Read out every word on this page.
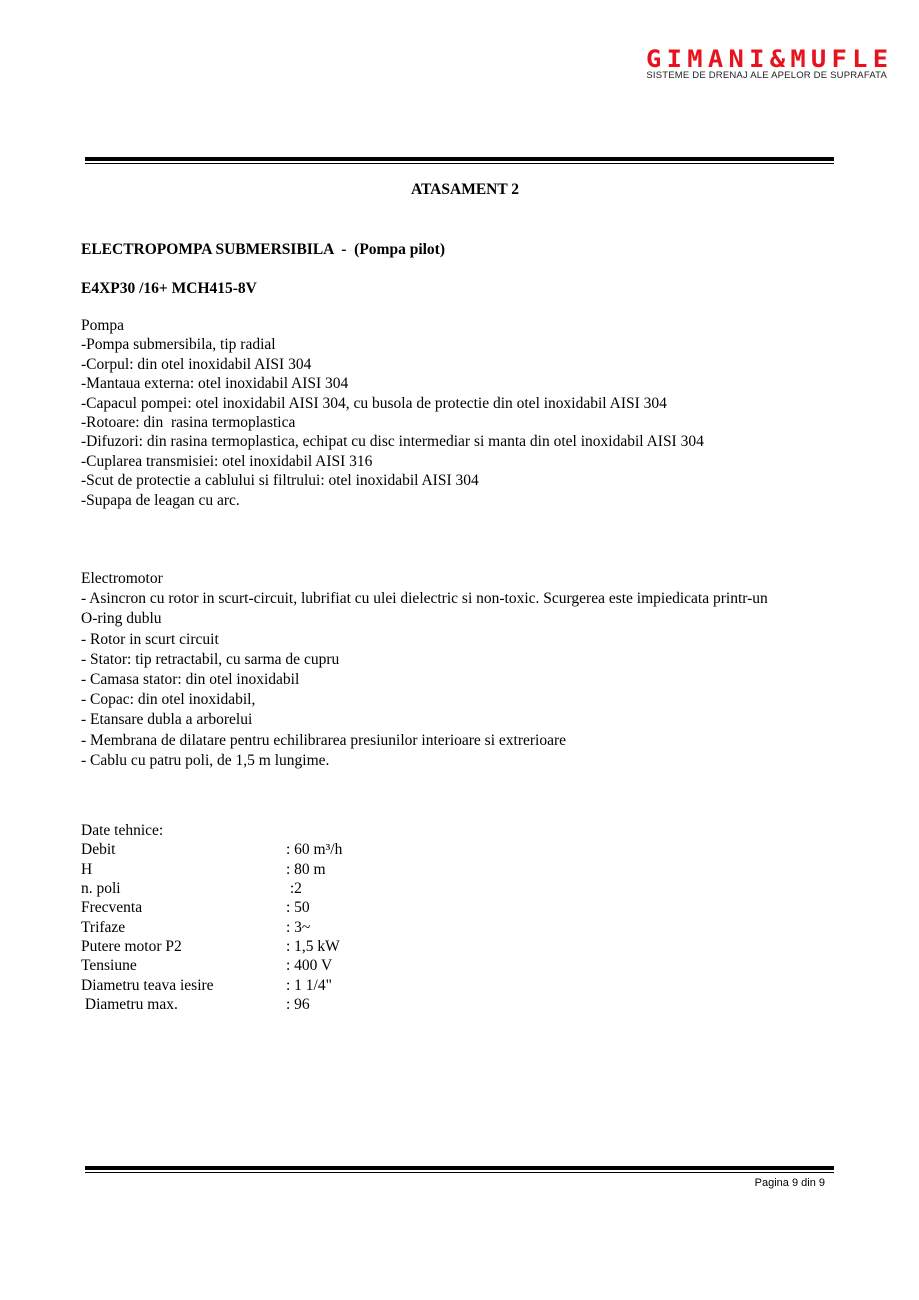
GIMANI&MUFLE
SISTEME DE DRENAJ ALE APELOR DE SUPRAFATA
ATASAMENT 2
ELECTROPOMPA SUBMERSIBILA  -  (Pompa pilot)
E4XP30 /16+ MCH415-8V
Pompa
-Pompa submersibila, tip radial
-Corpul: din otel inoxidabil AISI 304
-Mantaua externa: otel inoxidabil AISI 304
-Capacul pompei: otel inoxidabil AISI 304, cu busola de protectie din otel inoxidabil AISI 304
-Rotoare: din  rasina termoplastica
-Difuzori: din rasina termoplastica, echipat cu disc intermediar si manta din otel inoxidabil AISI 304
-Cuplarea transmisiei: otel inoxidabil AISI 316
-Scut de protectie a cablului si filtrului: otel inoxidabil AISI 304
-Supapa de leagan cu arc.
Electromotor
- Asincron cu rotor in scurt-circuit, lubrifiat cu ulei dielectric si non-toxic. Scurgerea este impiedicata printr-un
O-ring dublu
- Rotor in scurt circuit
- Stator: tip retractabil, cu sarma de cupru
- Camasa stator: din otel inoxidabil
- Copac: din otel inoxidabil,
- Etansare dubla a arborelui
- Membrana de dilatare pentru echilibrarea presiunilor interioare si extrerioare
- Cablu cu patru poli, de 1,5 m lungime.
Date tehnice:
Debit	: 60 m³/h
H	: 80 m
n. poli	:2
Frecventa	: 50
Trifaze	: 3~
Putere motor P2	: 1,5 kW
Tensiune	: 400 V
Diametru teava iesire	: 1 1/4"
Diametru max.	: 96
Pagina 9 din 9
